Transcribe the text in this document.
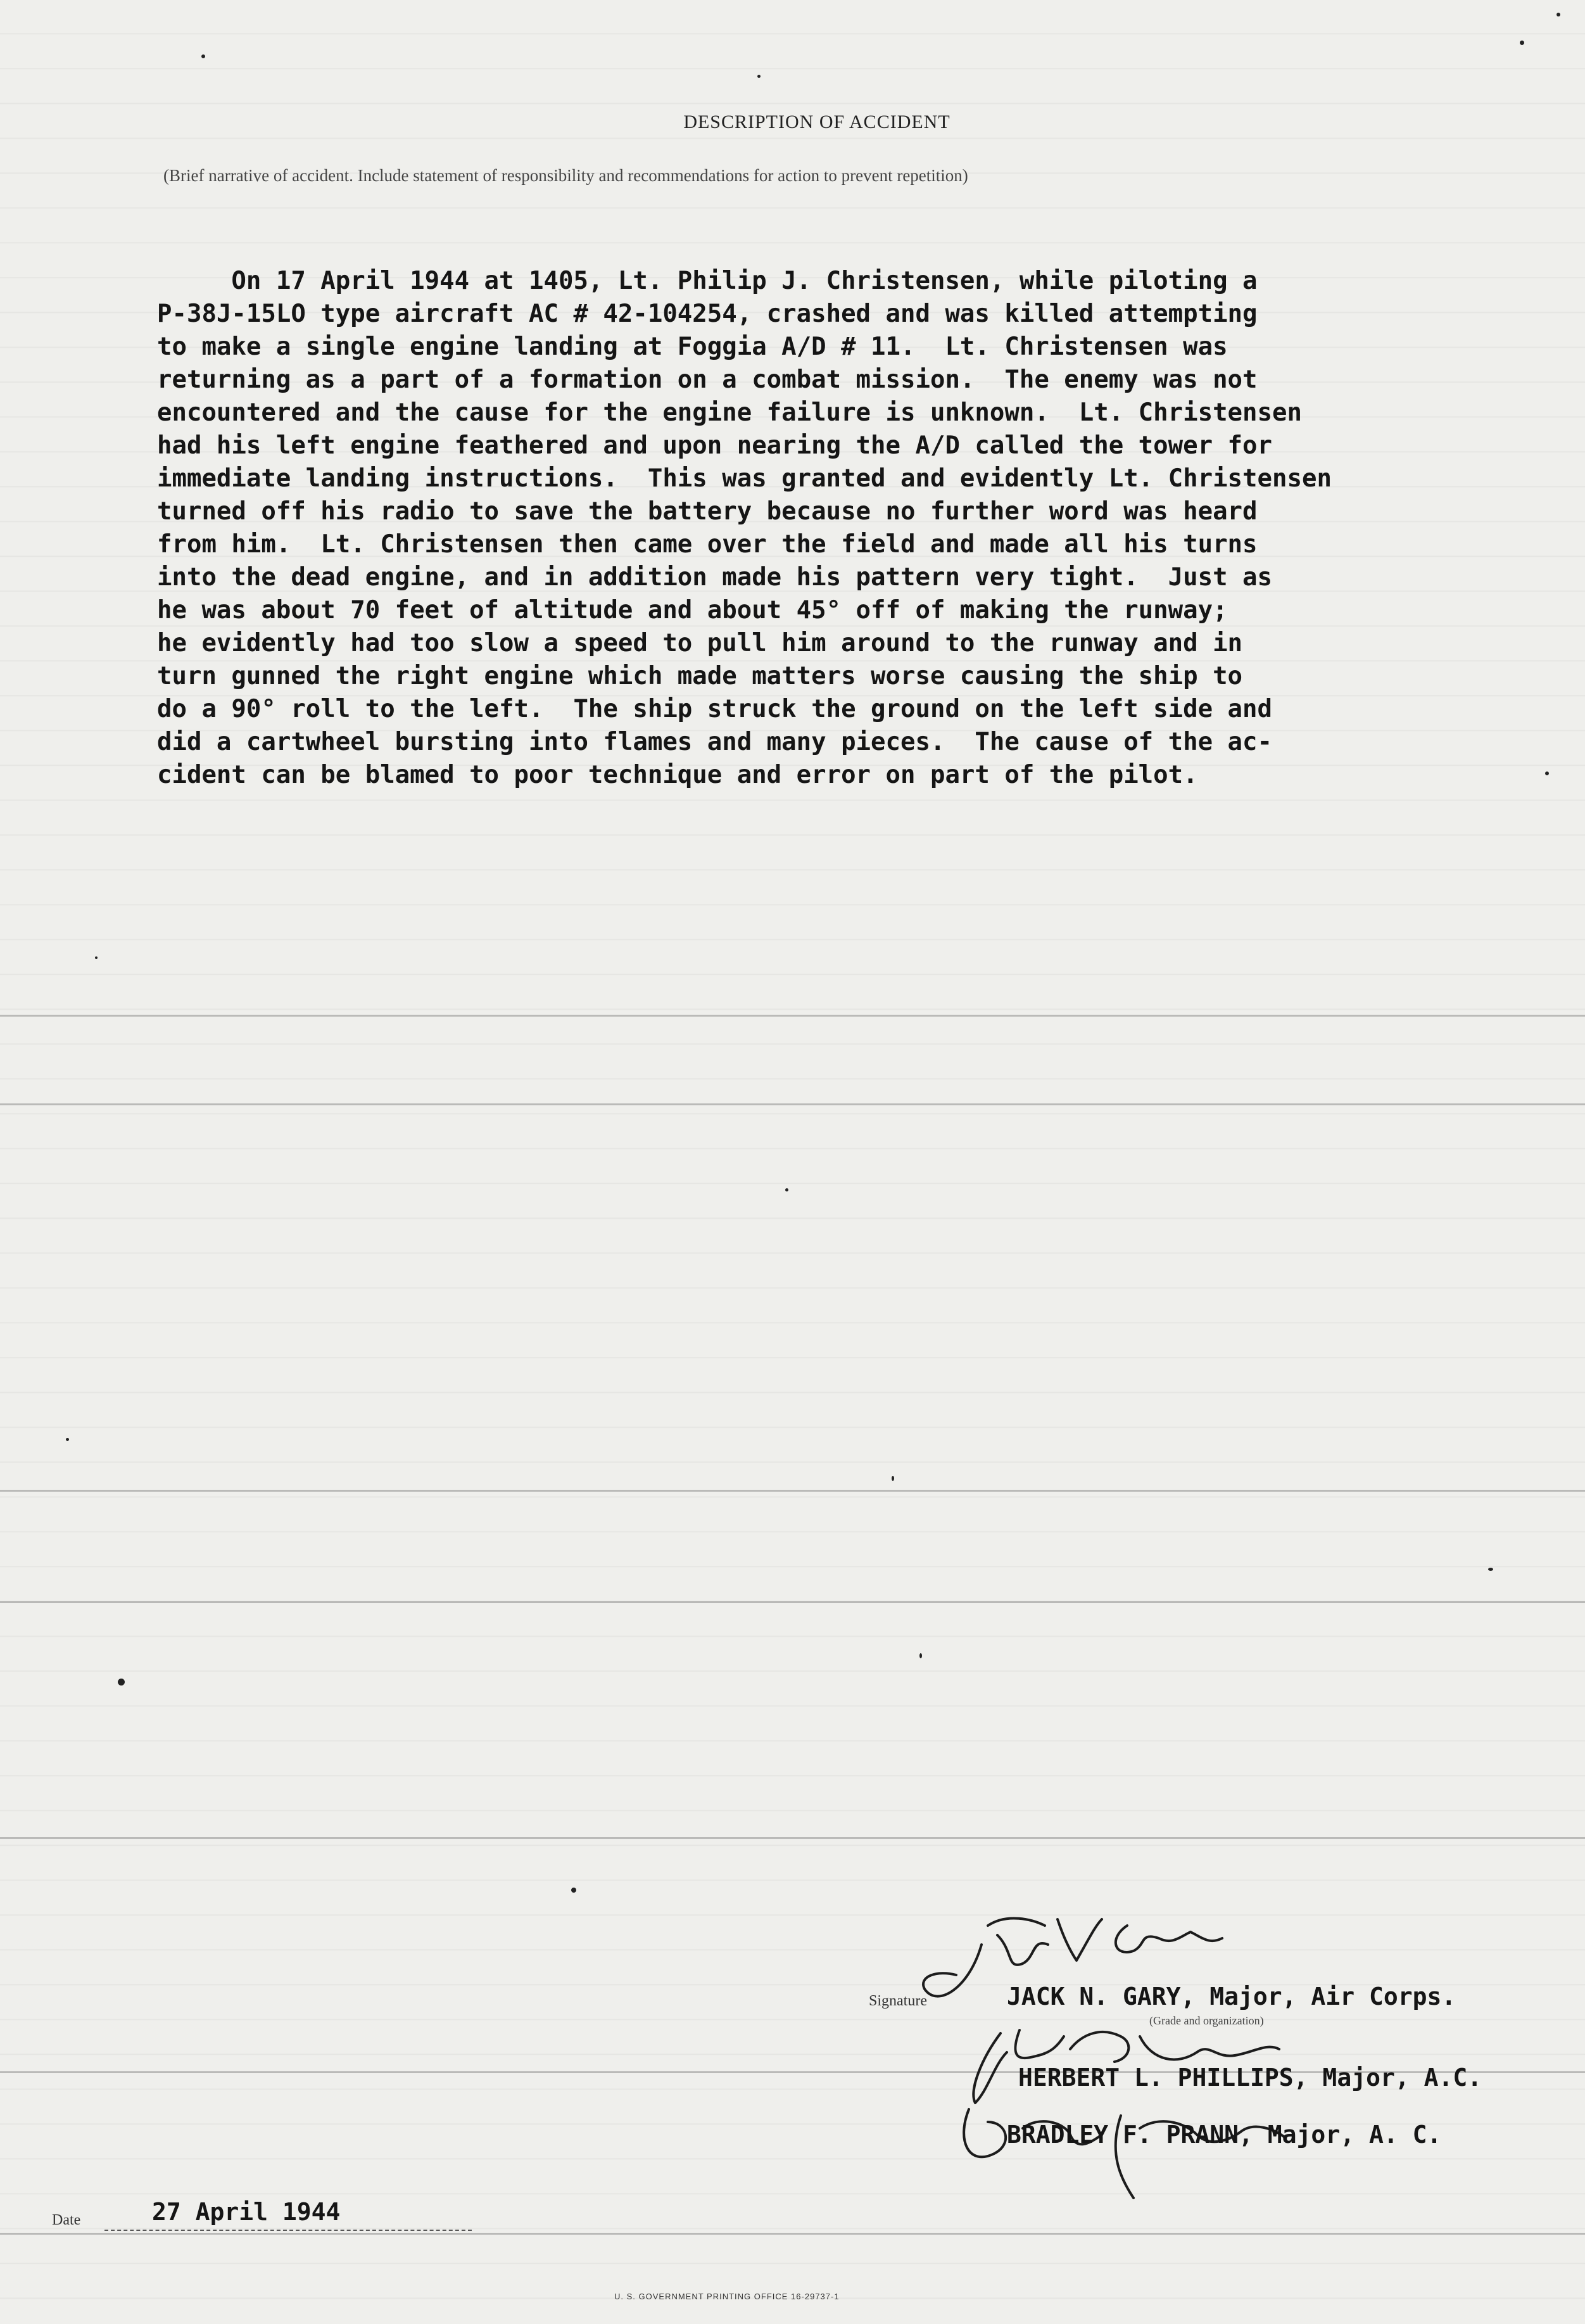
DESCRIPTION OF ACCIDENT
(Brief narrative of accident. Include statement of responsibility and recommendations for action to prevent repetition)
On 17 April 1944 at 1405, Lt. Philip J. Christensen, while piloting a
P-38J-15LO type aircraft AC # 42-104254, crashed and was killed attempting
to make a single engine landing at Foggia A/D # 11.  Lt. Christensen was
returning as a part of a formation on a combat mission.  The enemy was not
encountered and the cause for the engine failure is unknown.  Lt. Christensen
had his left engine feathered and upon nearing the A/D called the tower for
immediate landing instructions.  This was granted and evidently Lt. Christensen
turned off his radio to save the battery because no further word was heard
from him.  Lt. Christensen then came over the field and made all his turns
into the dead engine, and in addition made his pattern very tight.  Just as
he was about 70 feet of altitude and about 45° off of making the runway;
he evidently had too slow a speed to pull him around to the runway and in
turn gunned the right engine which made matters worse causing the ship to
do a 90° roll to the left.  The ship struck the ground on the left side and
did a cartwheel bursting into flames and many pieces.  The cause of the ac-
cident can be blamed to poor technique and error on part of the pilot.
Signature	JACK N. GARY, Major, Air Corps.
HERBERT L. PHILLIPS, Major, A.C.
BRADLEY F. PRANN, Major, A. C.
(Grade and organization)
Date	27 April 1944
U. S. GOVERNMENT PRINTING OFFICE 16-29737-1
